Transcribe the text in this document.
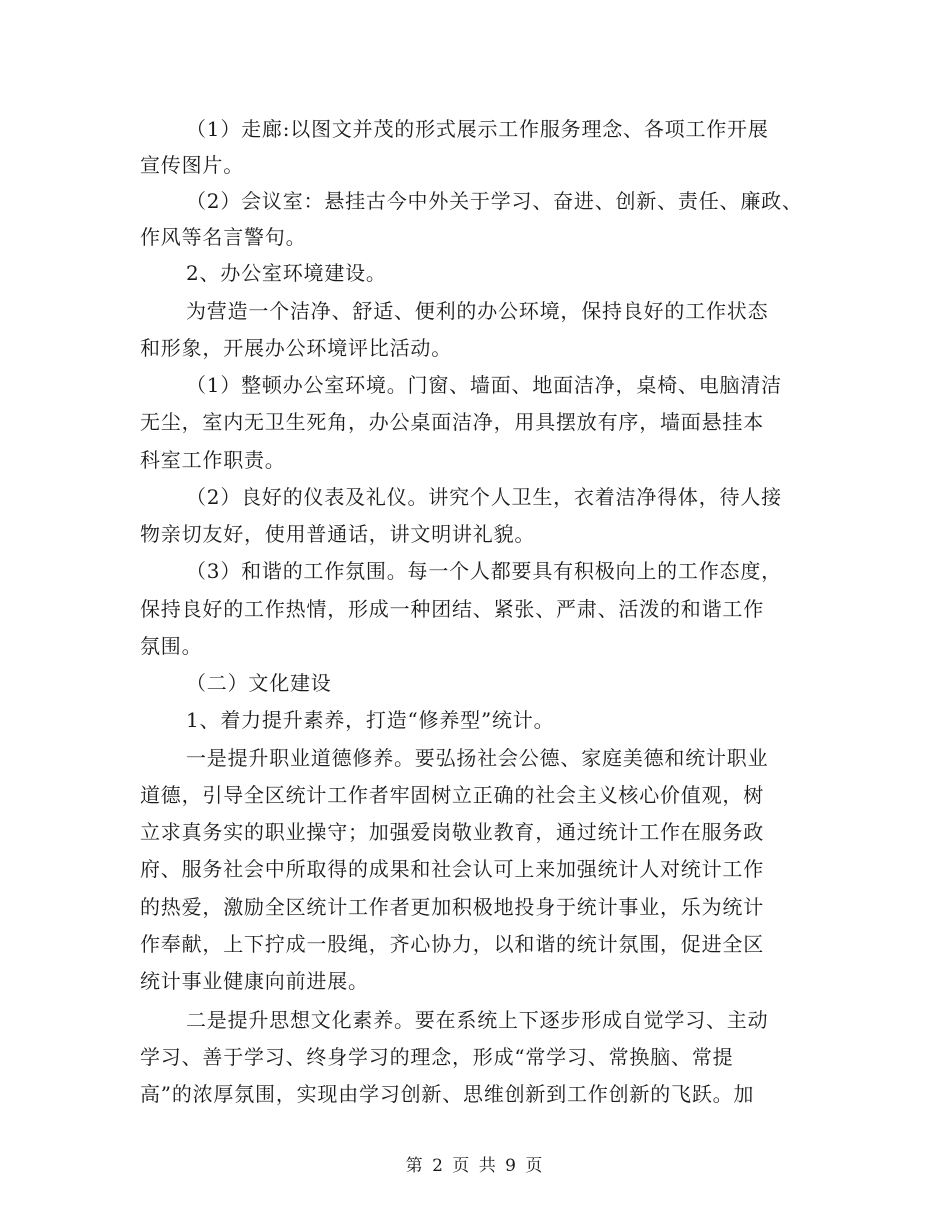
（1）走廊:以图文并茂的形式展示工作服务理念、各项工作开展
宣传图片。
（2）会议室：悬挂古今中外关于学习、奋进、创新、责任、廉政、
作风等名言警句。
2、办公室环境建设。
为营造一个洁净、舒适、便利的办公环境，保持良好的工作状态
和形象，开展办公环境评比活动。
（1）整顿办公室环境。门窗、墙面、地面洁净，桌椅、电脑清洁
无尘，室内无卫生死角，办公桌面洁净，用具摆放有序，墙面悬挂本
科室工作职责。
（2）良好的仪表及礼仪。讲究个人卫生，衣着洁净得体，待人接
物亲切友好，使用普通话，讲文明讲礼貌。
（3）和谐的工作氛围。每一个人都要具有积极向上的工作态度，
保持良好的工作热情，形成一种团结、紧张、严肃、活泼的和谐工作
氛围。
（二）文化建设
1、着力提升素养，打造“修养型”统计。
一是提升职业道德修养。要弘扬社会公德、家庭美德和统计职业
道德，引导全区统计工作者牢固树立正确的社会主义核心价值观，树
立求真务实的职业操守；加强爱岗敬业教育，通过统计工作在服务政
府、服务社会中所取得的成果和社会认可上来加强统计人对统计工作
的热爱，激励全区统计工作者更加积极地投身于统计事业，乐为统计
作奉献，上下拧成一股绳，齐心协力，以和谐的统计氛围，促进全区
统计事业健康向前进展。
二是提升思想文化素养。要在系统上下逐步形成自觉学习、主动
学习、善于学习、终身学习的理念，形成“常学习、常换脑、常提
高”的浓厚氛围，实现由学习创新、思维创新到工作创新的飞跃。加
第 2 页 共 9 页
